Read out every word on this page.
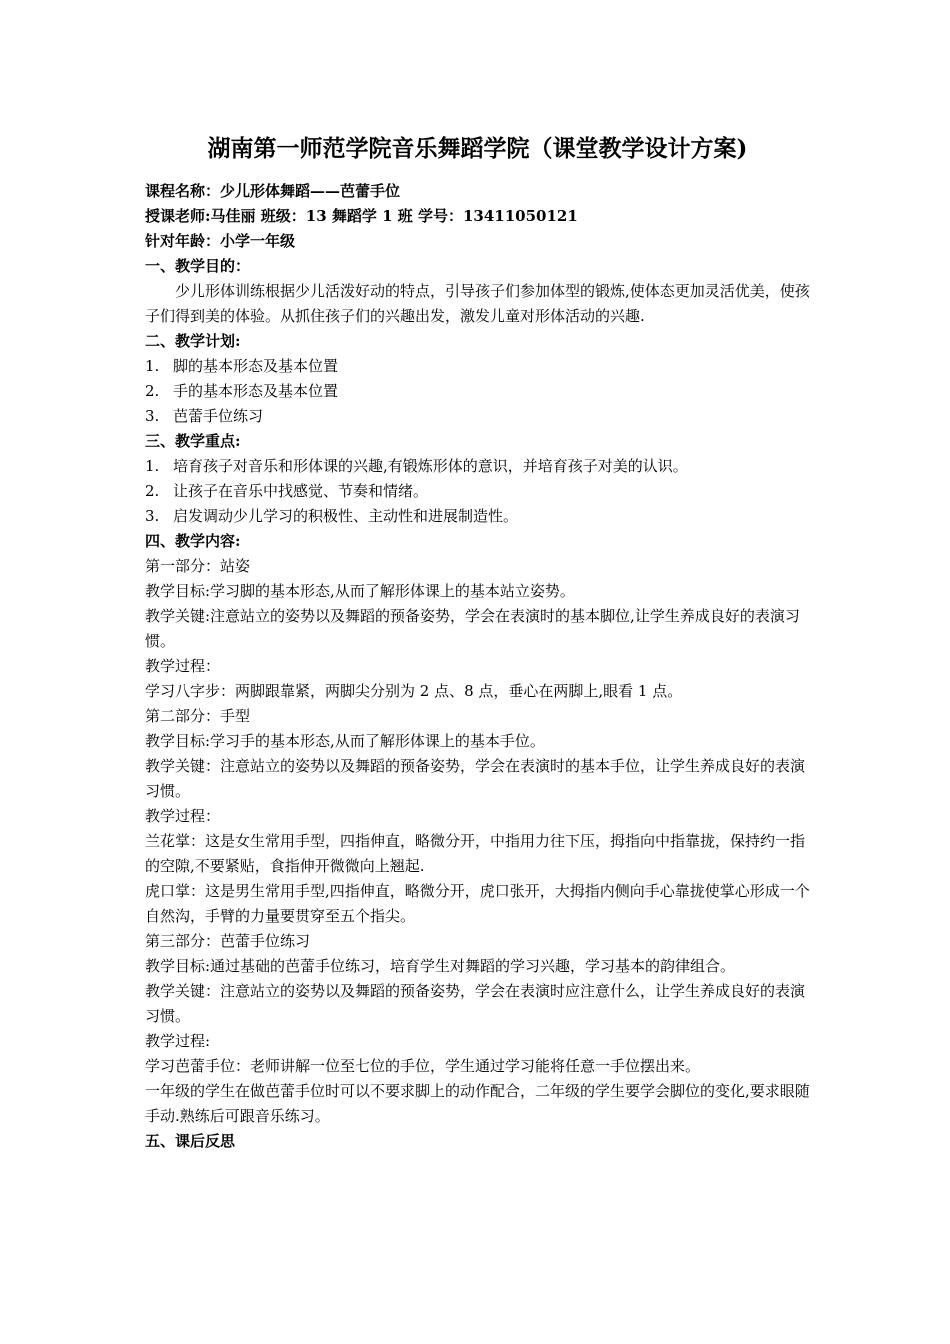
湖南第一师范学院音乐舞蹈学院（课堂教学设计方案)
课程名称：少儿形体舞蹈——芭蕾手位
授课老师:马佳丽 班级：13 舞蹈学 1 班 学号：13411050121
针对年龄：小学一年级
一、教学目的：
少儿形体训练根据少儿活泼好动的特点，引导孩子们参加体型的锻炼,使体态更加灵活优美，使孩子们得到美的体验。从抓住孩子们的兴趣出发，激发儿童对形体活动的兴趣.
二、教学计划:
1. 脚的基本形态及基本位置
2. 手的基本形态及基本位置
3. 芭蕾手位练习
三、教学重点:
1. 培育孩子对音乐和形体课的兴趣,有锻炼形体的意识，并培育孩子对美的认识。
2. 让孩子在音乐中找感觉、节奏和情绪。
3. 启发调动少儿学习的积极性、主动性和进展制造性。
四、教学内容:
第一部分：站姿
教学目标:学习脚的基本形态,从而了解形体课上的基本站立姿势。
教学关键:注意站立的姿势以及舞蹈的预备姿势，学会在表演时的基本脚位,让学生养成良好的表演习惯。
教学过程：
学习八字步：两脚跟靠紧，两脚尖分别为 2 点、8 点，垂心在两脚上,眼看 1 点。
第二部分：手型
教学目标:学习手的基本形态,从而了解形体课上的基本手位。
教学关键：注意站立的姿势以及舞蹈的预备姿势，学会在表演时的基本手位，让学生养成良好的表演习惯。
教学过程：
兰花掌：这是女生常用手型，四指伸直，略微分开，中指用力往下压，拇指向中指靠拢，保持约一指的空隙,不要紧贴，食指伸开微微向上翘起.
虎口掌：这是男生常用手型,四指伸直，略微分开，虎口张开，大拇指内侧向手心靠拢使掌心形成一个自然沟，手臂的力量要贯穿至五个指尖。
第三部分：芭蕾手位练习
教学目标:通过基础的芭蕾手位练习，培育学生对舞蹈的学习兴趣，学习基本的韵律组合。
教学关键：注意站立的姿势以及舞蹈的预备姿势，学会在表演时应注意什么，让学生养成良好的表演习惯。
教学过程:
学习芭蕾手位：老师讲解一位至七位的手位，学生通过学习能将任意一手位摆出来。
一年级的学生在做芭蕾手位时可以不要求脚上的动作配合，二年级的学生要学会脚位的变化,要求眼随手动.熟练后可跟音乐练习。
五、课后反思
